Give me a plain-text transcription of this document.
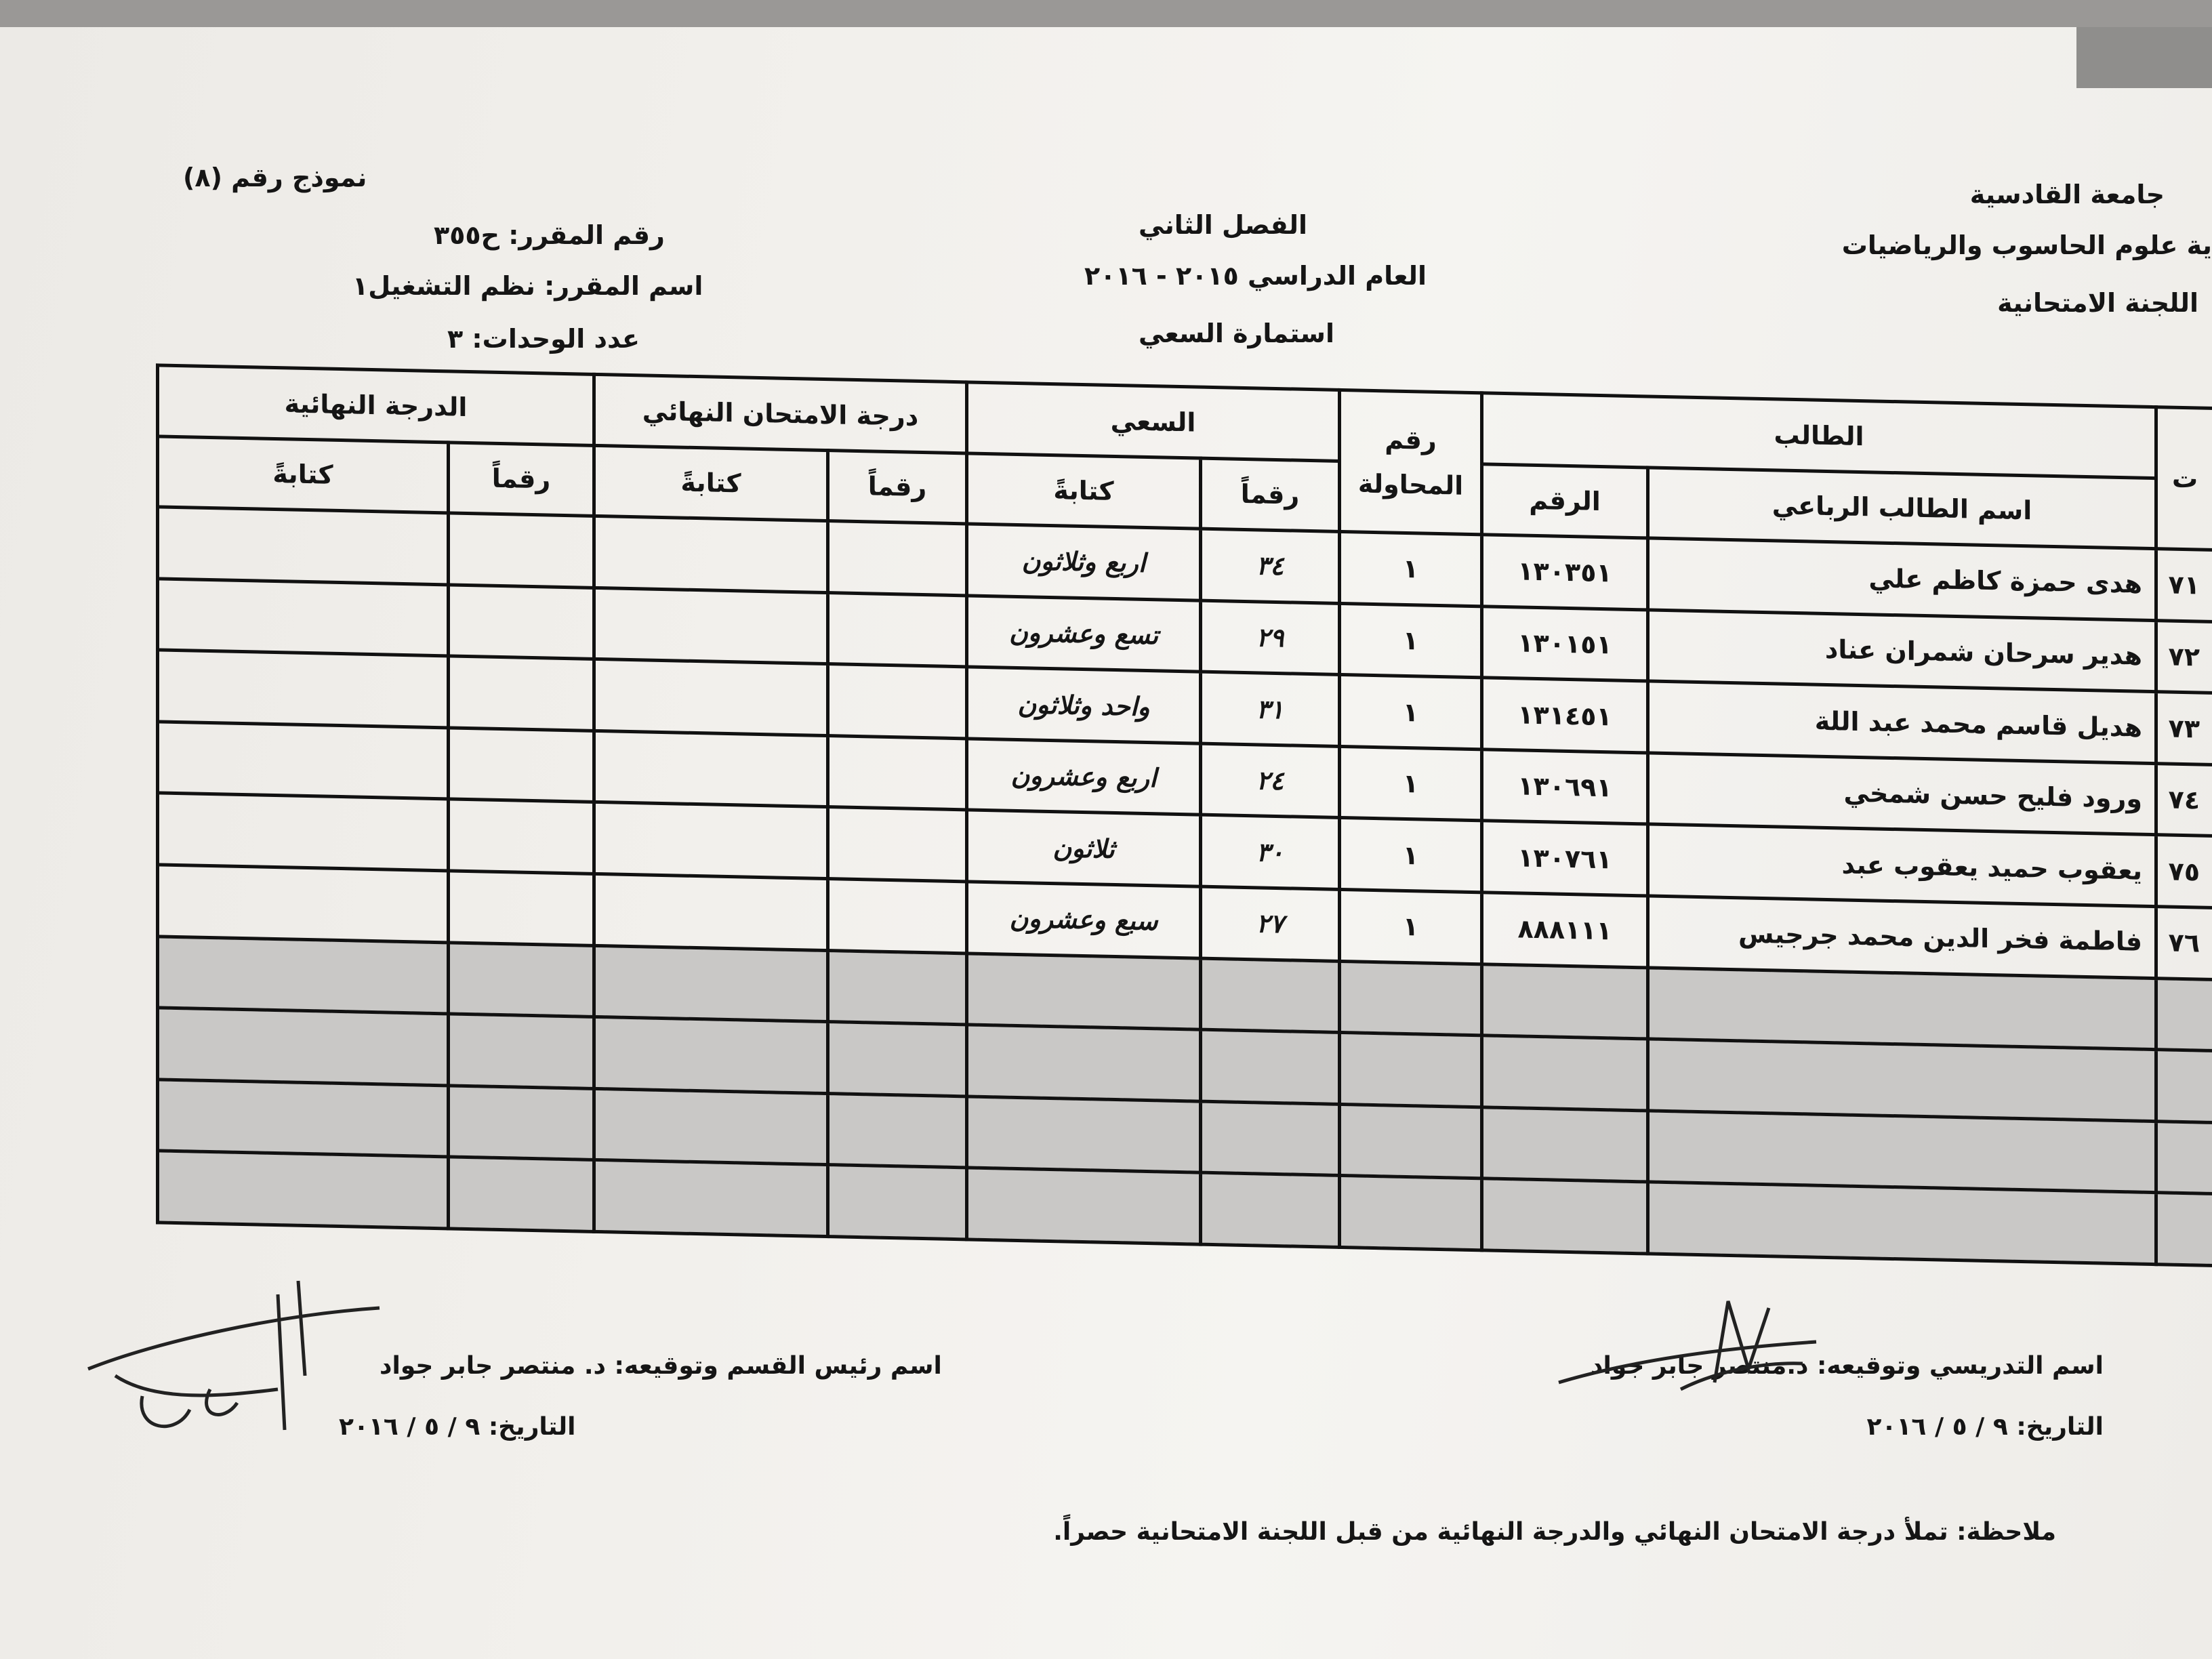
جامعة القادسية
ية علوم الحاسوب والرياضيات
اللجنة الامتحانية
الفصل الثاني
العام الدراسي ٢٠١٥ - ٢٠١٦
استمارة السعي
نموذج رقم (٨)
رقم المقرر: ح٣٥٥
اسم المقرر: نظم التشغيل١
عدد الوحدات: ٣
ت	الطالب		رقم المحاولة	السعي		درجة الامتحان النهائي		الدرجة النهائية	
	اسم الطالب الرباعي	الرقم		رقماً	كتابةً	رقماً	كتابةً	رقماً	كتابةً
٧١	هدى حمزة كاظم علي	١٣٠٣٥١	١	٣٤	اربع وثلاثون				
٧٢	هدير سرحان شمران عناد	١٣٠١٥١	١	٢٩	تسع وعشرون				
٧٣	هديل قاسم محمد عبد اللة	١٣١٤٥١	١	٣١	واحد وثلاثون				
٧٤	ورود فليح حسن شمخي	١٣٠٦٩١	١	٢٤	اربع وعشرون				
٧٥	يعقوب حميد يعقوب عبد	١٣٠٧٦١	١	٣٠	ثلاثون				
٧٦	فاطمة فخر الدين محمد جرجيس	٨٨٨١١١	١	٢٧	سبع وعشرون				

اسم التدريسي وتوقيعه: د.منتصر جابر جواد
التاريخ: ٩ / ٥ / ٢٠١٦
اسم رئيس القسم وتوقيعه: د. منتصر جابر جواد
التاريخ: ٩ / ٥ / ٢٠١٦
ملاحظة: تملأ درجة الامتحان النهائي والدرجة النهائية من قبل اللجنة الامتحانية حصراً.
